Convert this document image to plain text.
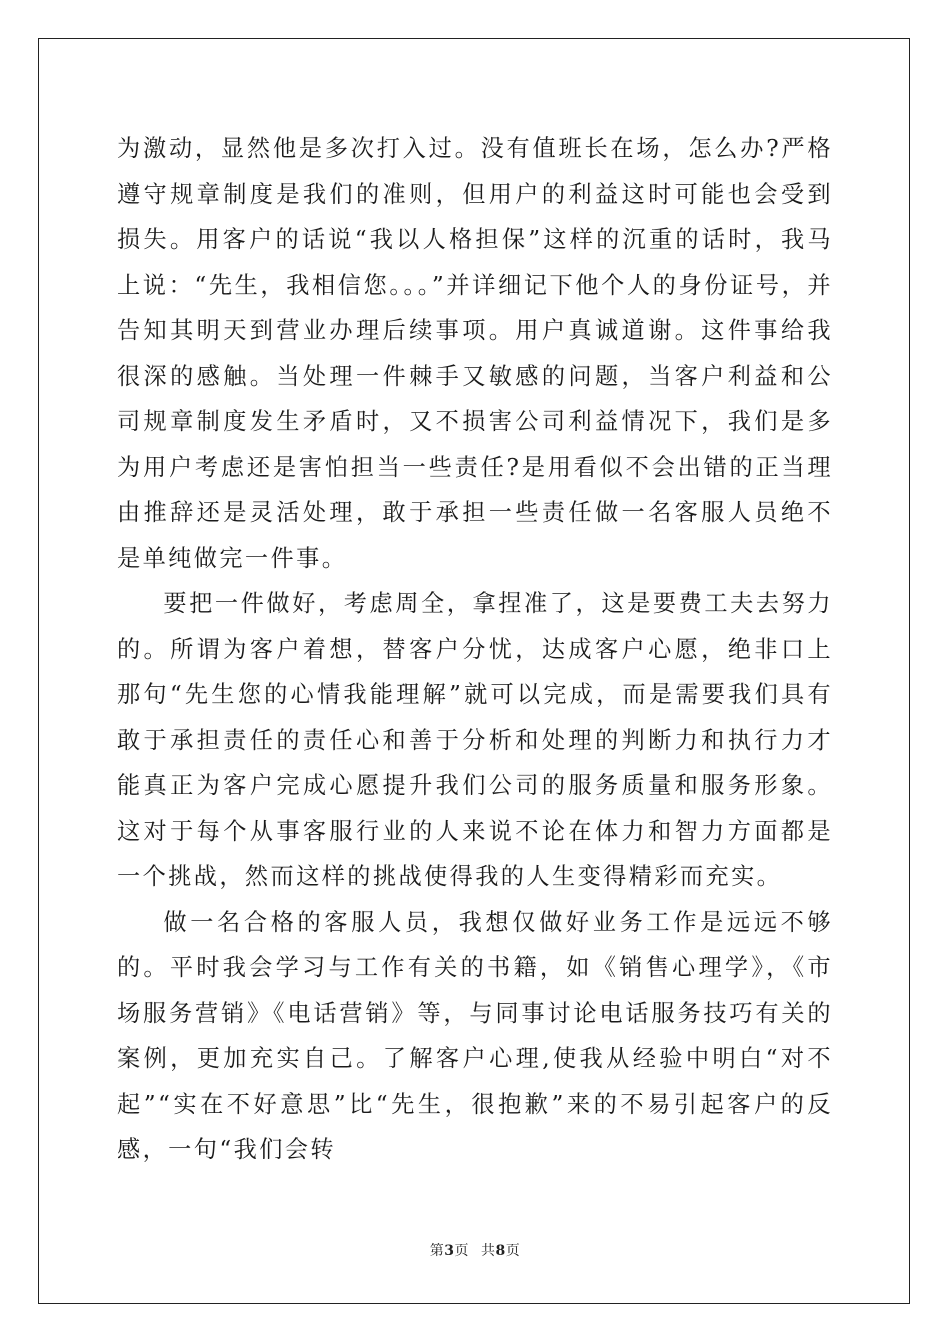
为激动，显然他是多次打入过。没有值班长在场，怎么办?严格遵守规章制度是我们的准则，但用户的利益这时可能也会受到损失。用客户的话说“我以人格担保”这样的沉重的话时，我马上说：“先生，我相信您。。。”并详细记下他个人的身份证号，并告知其明天到营业办理后续事项。用户真诚道谢。这件事给我很深的感触。当处理一件棘手又敏感的问题，当客户利益和公司规章制度发生矛盾时，又不损害公司利益情况下，我们是多为用户考虑还是害怕担当一些责任?是用看似不会出错的正当理由推辞还是灵活处理，敢于承担一些责任做一名客服人员绝不是单纯做完一件事。

要把一件做好，考虑周全，拿捏准了，这是要费工夫去努力的。所谓为客户着想，替客户分忧，达成客户心愿，绝非口上那句“先生您的心情我能理解”就可以完成，而是需要我们具有敢于承担责任的责任心和善于分析和处理的判断力和执行力才能真正为客户完成心愿提升我们公司的服务质量和服务形象。这对于每个从事客服行业的人来说不论在体力和智力方面都是一个挑战，然而这样的挑战使得我的人生变得精彩而充实。

做一名合格的客服人员，我想仅做好业务工作是远远不够的。平时我会学习与工作有关的书籍，如《销售心理学》，《市场服务营销》《电话营销》等，与同事讨论电话服务技巧有关的案例，更加充实自己。了解客户心理,使我从经验中明白“对不起”“实在不好意思”比“先生，很抱歉”来的不易引起客户的反感，一句“我们会转

第3页 共8页
